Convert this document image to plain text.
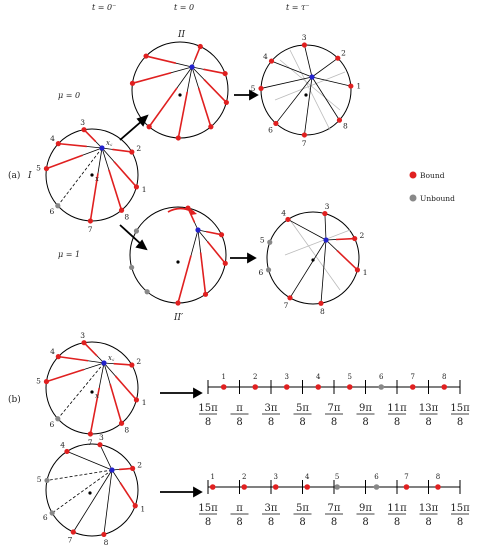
t = 0⁻	t = 0	t = τ⁻
(a) I
II
II′
μ = 0
μ = 1
Bound
Unbound
(b)
1
2
3
4
5
6
7
8
x꜀
x
1
2
3
4
5
6
7
8
1
2
3
4
5
6
7
8
1
2
3
4
5
6
7
8
x꜀
x
1
2
3
4
5
6
7	8
15π
8
π
8
3π
8
5π
8
7π
8
9π
8
11π
8
13π
8
15π
8
1	2	3	4	5	6	7	8
15π
8
π
8
3π
8
5π
8
7π
8
9π
8
11π
8
13π
8
15π
8
1	2	3	4	5	6	7	8
